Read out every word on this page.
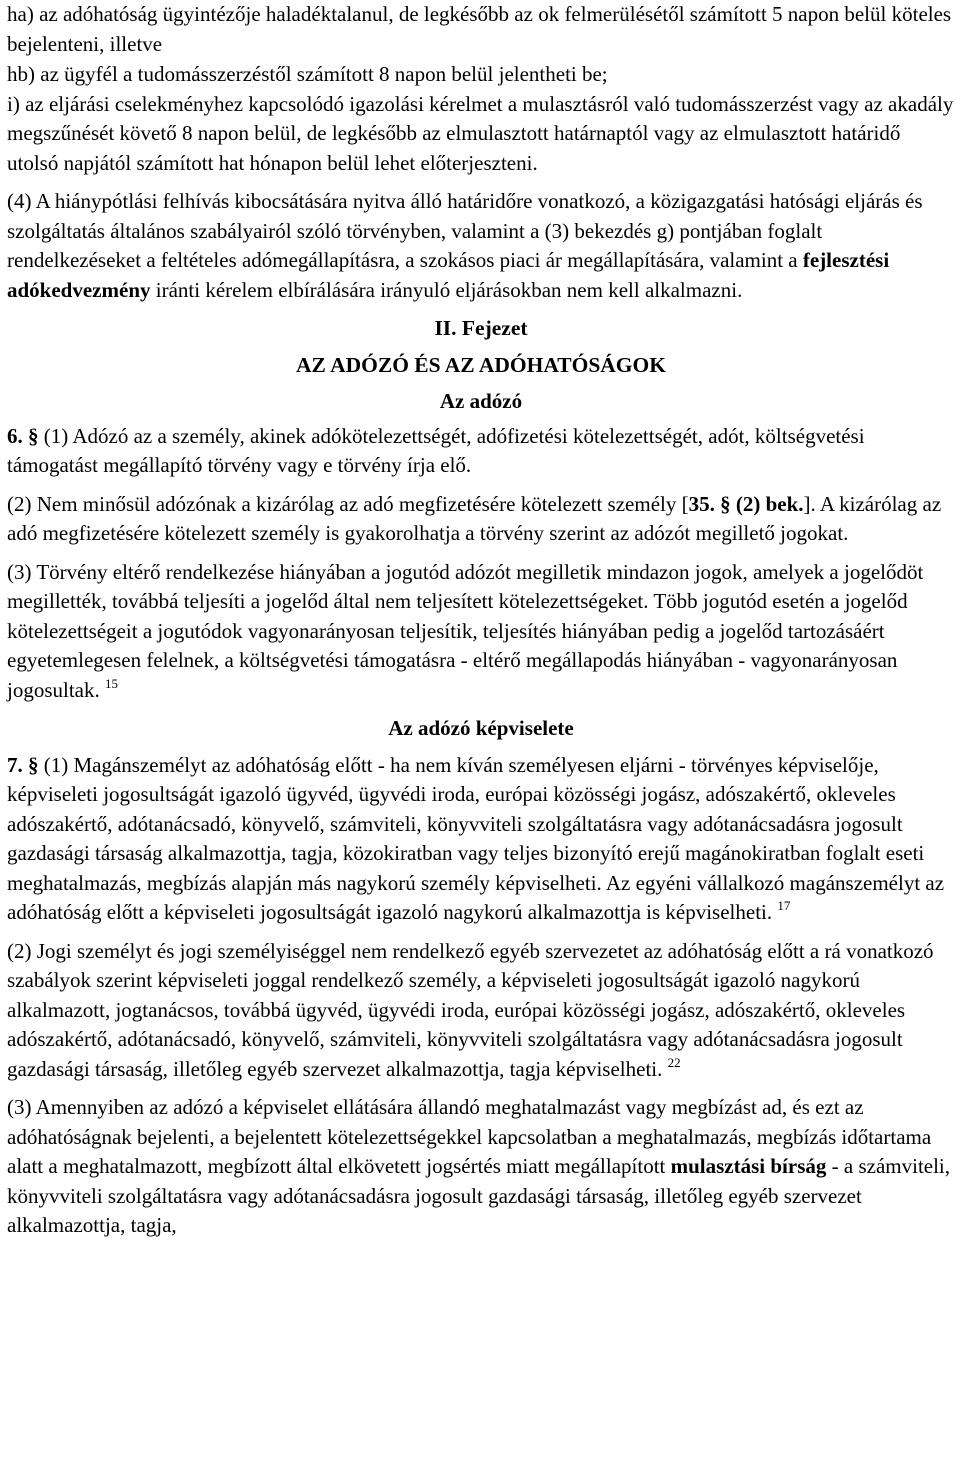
ha) az adóhatóság ügyintézője haladéktalanul, de legkésőbb az ok felmerülésétől számított 5 napon belül köteles bejelenteni, illetve

hb) az ügyfél a tudomásszerzéstől számított 8 napon belül jelentheti be;

i) az eljárási cselekményhez kapcsolódó igazolási kérelmet a mulasztásról való tudomásszerzést vagy az akadály megszűnését követő 8 napon belül, de legkésőbb az elmulasztott határnaptól vagy az elmulasztott határidő utolsó napjától számított hat hónapon belül lehet előterjeszteni.

(4) A hiánypótlási felhívás kibocsátására nyitva álló határidőre vonatkozó, a közigazgatási hatósági eljárás és szolgáltatás általános szabályairól szóló törvényben, valamint a (3) bekezdés g) pontjában foglalt rendelkezéseket a feltételes adómegállapításra, a szokásos piaci ár megállapítására, valamint a fejlesztési adókedvezmény iránti kérelem elbírálására irányuló eljárásokban nem kell alkalmazni.

II. Fejezet
AZ ADÓZÓ ÉS AZ ADÓHATÓSÁGOK
Az adózó

6. § (1) Adózó az a személy, akinek adókötelezettségét, adófizetési kötelezettségét, adót, költségvetési támogatást megállapító törvény vagy e törvény írja elő.

(2) Nem minősül adózónak a kizárólag az adó megfizetésére kötelezett személy [35. § (2) bek.]. A kizárólag az adó megfizetésére kötelezett személy is gyakorolhatja a törvény szerint az adózót megillető jogokat.

(3) Törvény eltérő rendelkezése hiányában a jogutód adózót megilletik mindazon jogok, amelyek a jogelődöt megillették, továbbá teljesíti a jogelőd által nem teljesített kötelezettségeket. Több jogutód esetén a jogelőd kötelezettségeit a jogutódok vagyonarányosan teljesítik, teljesítés hiányában pedig a jogelőd tartozásáért egyetemlegesen felelnek, a költségvetési támogatásra - eltérő megállapodás hiányában - vagyonarányosan jogosultak. $^{15}$

Az adózó képviselete

7. § (1) Magánszemélyt az adóhatóság előtt - ha nem kíván személyesen eljárni - törvényes képviselője, képviseleti jogosultságát igazoló ügyvéd, ügyvédi iroda, európai közösségi jogász, adószakértő, okleveles adószakértő, adótanácsadó, könyvelő, számviteli, könyvviteli szolgáltatásra vagy adótanácsadásra jogosult gazdasági társaság alkalmazottja, tagja, közokiratban vagy teljes bizonyító erejű magánokiratban foglalt eseti meghatalmazás, megbízás alapján más nagykorú személy képviselheti. Az egyéni vállalkozó magánszemélyt az adóhatóság előtt a képviseleti jogosultságát igazoló nagykorú alkalmazottja is képviselheti. $^{17}$

(2) Jogi személyt és jogi személyiséggel nem rendelkező egyéb szervezetet az adóhatóság előtt a rá vonatkozó szabályok szerint képviseleti joggal rendelkező személy, a képviseleti jogosultságát igazoló nagykorú alkalmazott, jogtanácsos, továbbá ügyvéd, ügyvédi iroda, európai közösségi jogász, adószakértő, okleveles adószakértő, adótanácsadó, könyvelő, számviteli, könyvviteli szolgáltatásra vagy adótanácsadásra jogosult gazdasági társaság, illetőleg egyéb szervezet alkalmazottja, tagja képviselheti. $^{22}$

(3) Amennyiben az adózó a képviselet ellátására állandó meghatalmazást vagy megbízást ad, és ezt az adóhatóságnak bejelenti, a bejelentett kötelezettségekkel kapcsolatban a meghatalmazás, megbízás időtartama alatt a meghatalmazott, megbízott által elkövetett jogsértés miatt megállapított mulasztási bírság - a számviteli, könyvviteli szolgáltatásra vagy adótanácsadásra jogosult gazdasági társaság, illetőleg egyéb szervezet alkalmazottja, tagja,
